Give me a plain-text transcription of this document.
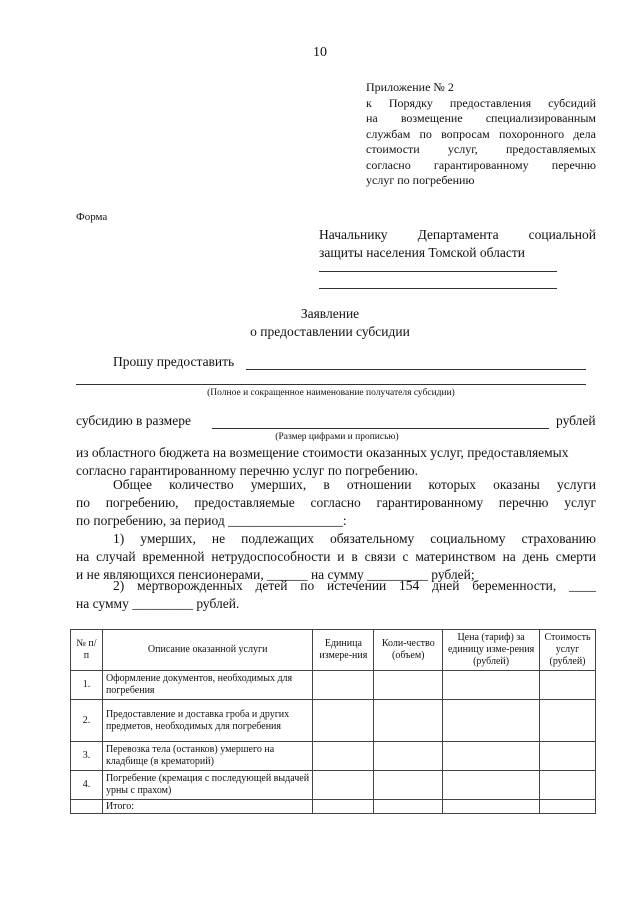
10
Приложение № 2
к Порядку предоставления субсидий
на возмещение специализированным
службам по вопросам похоронного дела
стоимости услуг, предоставляемых
согласно гарантированному перечню
услуг по погребению
Форма
Начальнику Департамента социальной
защиты населения Томской области
Заявление
о предоставлении субсидии
Прошу предоставить
(Полное и сокращенное наименование получателя субсидии)
субсидию в размере	рублей
(Размер цифрами и прописью)
из областного бюджета на возмещение стоимости оказанных услуг, предоставляемых
согласно гарантированному перечню услуг по погребению.
Общее количество умерших, в отношении которых оказаны услуги
по погребению, предоставляемые согласно гарантированному перечню услуг
по погребению, за период _________________:
1) умерших, не подлежащих обязательному социальному страхованию
на случай временной нетрудоспособности и в связи с материнством на день смерти
и не являющихся пенсионерами, ______ на сумму _________ рублей;
2) мертворожденных детей по истечении 154 дней беременности, ____
на сумму _________ рублей.
№ п/п	Описание оказанной услуги	Единица измере-ния	Коли-чество (объем)	Цена (тариф) за единицу изме-рения (рублей)	Стоимость услуг (рублей)
1.	Оформление документов, необходимых для погребения				
2.	Предоставление и доставка гроба и других предметов, необходимых для погребения				
3.	Перевозка тела (останков) умершего на кладбище (в крематорий)				
4.	Погребение (кремация с последующей выдачей урны с прахом)				
	Итого:				
